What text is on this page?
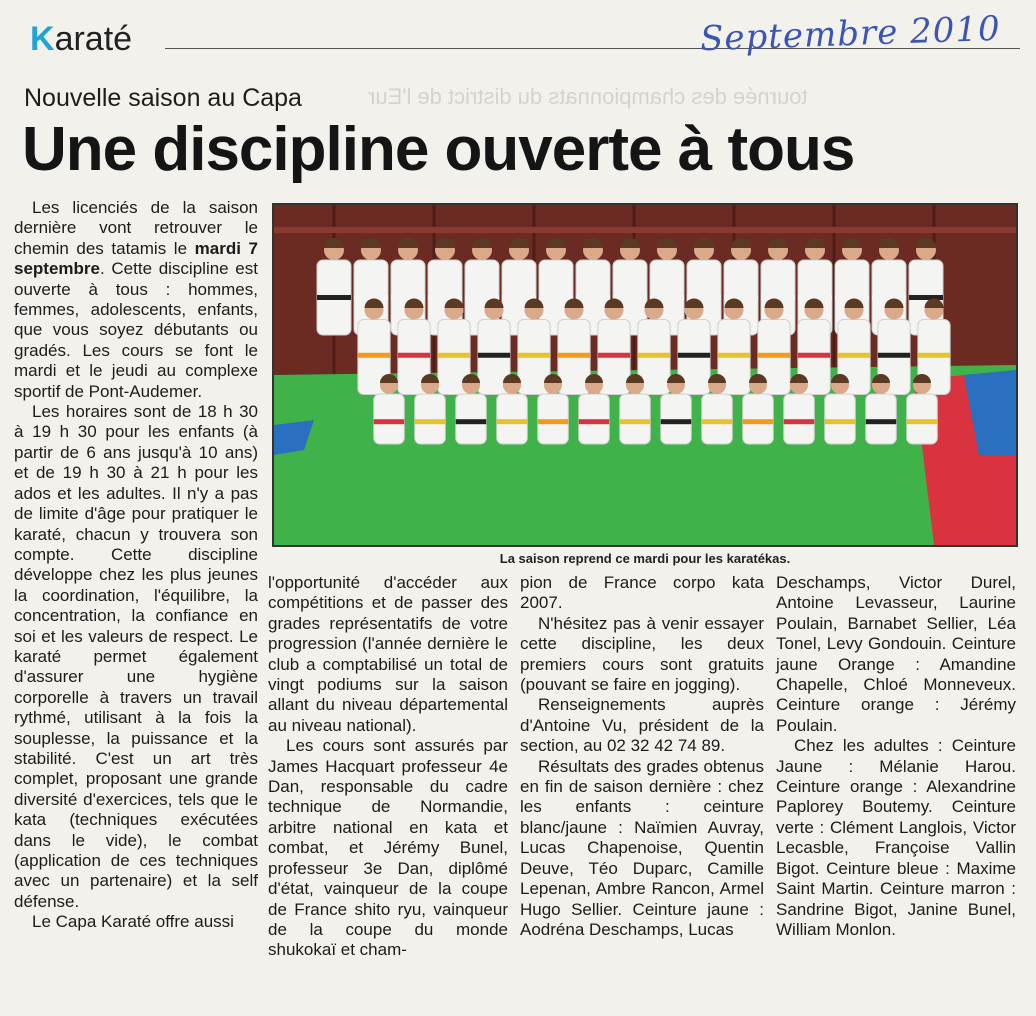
tournée des championnats du district de l'Eur
Karaté	Septembre 2010
Nouvelle saison au Capa
Une discipline ouverte à tous

Les licenciés de la saison dernière vont retrouver le chemin des tatamis le mardi 7 septembre. Cette discipline est ouverte à tous : hommes, femmes, adolescents, enfants, que vous soyez débutants ou gradés. Les cours se font le mardi et le jeudi au complexe sportif de Pont-Audemer.

Les horaires sont de 18 h 30 à 19 h 30 pour les enfants (à partir de 6 ans jusqu'à 10 ans) et de 19 h 30 à 21 h pour les ados et les adultes. Il n'y a pas de limite d'âge pour pratiquer le karaté, chacun y trouvera son compte. Cette discipline développe chez les plus jeunes la coordination, l'équilibre, la concentration, la confiance en soi et les valeurs de respect. Le karaté permet également d'assurer une hygiène corporelle à travers un travail rythmé, utilisant à la fois la souplesse, la puissance et la stabilité. C'est un art très complet, proposant une grande diversité d'exercices, tels que le kata (techniques exécutées dans le vide), le combat (application de ces techniques avec un partenaire) et la self défense.

Le Capa Karaté offre aussi

La saison reprend ce mardi pour les karatékas.

l'opportunité d'accéder aux compétitions et de passer des grades représentatifs de votre progression (l'année dernière le club a comptabilisé un total de vingt podiums sur la saison allant du niveau départemental au niveau national).

Les cours sont assurés par James Hacquart professeur 4e Dan, responsable du cadre technique de Normandie, arbitre national en kata et combat, et Jérémy Bunel, professeur 3e Dan, diplômé d'état, vainqueur de la coupe de France shito ryu, vainqueur de la coupe du monde shukokaï et cham-

pion de France corpo kata 2007.

N'hésitez pas à venir essayer cette discipline, les deux premiers cours sont gratuits (pouvant se faire en jogging).

Renseignements auprès d'Antoine Vu, président de la section, au 02 32 42 74 89.

Résultats des grades obtenus en fin de saison dernière : chez les enfants : ceinture blanc/jaune : Naïmien Auvray, Lucas Chapenoise, Quentin Deuve, Téo Duparc, Camille Lepenan, Ambre Rancon, Armel Hugo Sellier. Ceinture jaune : Aodréna Deschamps, Lucas

Deschamps, Victor Durel, Antoine Levasseur, Laurine Poulain, Barnabet Sellier, Léa Tonel, Levy Gondouin. Ceinture jaune Orange : Amandine Chapelle, Chloé Monneveux. Ceinture orange : Jérémy Poulain.

Chez les adultes : Ceinture Jaune : Mélanie Harou. Ceinture orange : Alexandrine Paplorey Boutemy. Ceinture verte : Clément Langlois, Victor Lecasble, Françoise Vallin Bigot. Ceinture bleue : Maxime Saint Martin. Ceinture marron : Sandrine Bigot, Janine Bunel, William Monlon.
